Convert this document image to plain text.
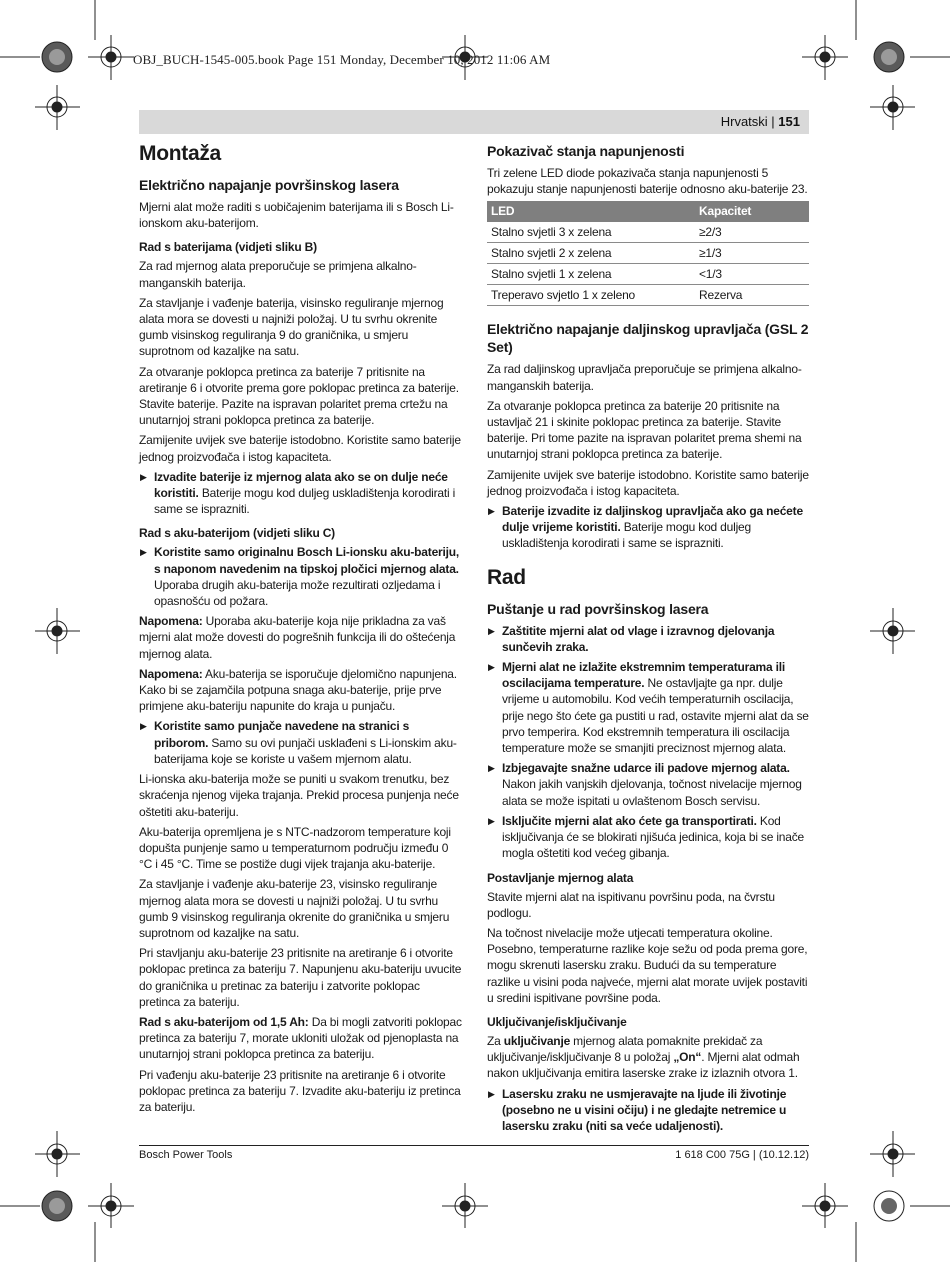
OBJ_BUCH-1545-005.book Page 151 Monday, December 10, 2012 11:06 AM
Hrvatski | 151
Montaža
Električno napajanje površinskog lasera

Mjerni alat može raditi s uobičajenim baterijama ili s Bosch Li-ionskom aku-baterijom.

Rad s baterijama (vidjeti sliku B)

Za rad mjernog alata preporučuje se primjena alkalno-manganskih baterija.

Za stavljanje i vađenje baterija, visinsko reguliranje mjernog alata mora se dovesti u najniži položaj. U tu svrhu okrenite gumb visinskog reguliranja 9 do graničnika, u smjeru suprotnom od kazaljke na satu.

Za otvaranje poklopca pretinca za baterije 7 pritisnite na aretiranje 6 i otvorite prema gore poklopac pretinca za baterije. Stavite baterije. Pazite na ispravan polaritet prema crtežu na unutarnjoj strani poklopca pretinca za baterije.

Zamijenite uvijek sve baterije istodobno. Koristite samo baterije jednog proizvođača i istog kapaciteta.

▶ Izvadite baterije iz mjernog alata ako se on dulje neće koristiti. Baterije mogu kod duljeg uskladištenja korodirati i same se isprazniti.

Rad s aku-baterijom (vidjeti sliku C)

▶ Koristite samo originalnu Bosch Li-ionsku aku-bateriju, s naponom navedenim na tipskoj pločici mjernog alata. Uporaba drugih aku-baterija može rezultirati ozljedama i opasnošću od požara.

Napomena: Uporaba aku-baterije koja nije prikladna za vaš mjerni alat može dovesti do pogrešnih funkcija ili do oštećenja mjernog alata.

Napomena: Aku-baterija se isporučuje djelomično napunjena. Kako bi se zajamčila potpuna snaga aku-baterije, prije prve primjene aku-bateriju napunite do kraja u punjaču.

▶ Koristite samo punjače navedene na stranici s priborom. Samo su ovi punjači usklađeni s Li-ionskim aku-baterijama koje se koriste u vašem mjernom alatu.

Li-ionska aku-baterija može se puniti u svakom trenutku, bez skraćenja njenog vijeka trajanja. Prekid procesa punjenja neće oštetiti aku-bateriju.

Aku-baterija opremljena je s NTC-nadzorom temperature koji dopušta punjenje samo u temperaturnom području između 0 °C i 45 °C. Time se postiže dugi vijek trajanja aku-baterije.

Za stavljanje i vađenje aku-baterije 23, visinsko reguliranje mjernog alata mora se dovesti u najniži položaj. U tu svrhu gumb 9 visinskog reguliranja okrenite do graničnika u smjeru suprotnom od kazaljke na satu.

Pri stavljanju aku-baterije 23 pritisnite na aretiranje 6 i otvorite poklopac pretinca za bateriju 7. Napunjenu aku-bateriju uvucite do graničnika u pretinac za bateriju i zatvorite poklopac pretinca za bateriju.

Rad s aku-baterijom od 1,5 Ah: Da bi mogli zatvoriti poklopac pretinca za bateriju 7, morate ukloniti uložak od pjenoplasta na unutarnjoj strani poklopca pretinca za bateriju.

Pri vađenju aku-baterije 23 pritisnite na aretiranje 6 i otvorite poklopac pretinca za bateriju 7. Izvadite aku-bateriju iz pretinca za bateriju.

Pokazivač stanja napunjenosti

Tri zelene LED diode pokazivača stanja napunjenosti 5 pokazuju stanje napunjenosti baterije odnosno aku-baterije 23.

LED	Kapacitet
Stalno svjetli 3 x zelena	≥2/3
Stalno svjetli 2 x zelena	≥1/3
Stalno svjetli 1 x zelena	<1/3
Treperavo svjetlo 1 x zeleno	Rezerva
Električno napajanje daljinskog upravljača (GSL 2 Set)

Za rad daljinskog upravljača preporučuje se primjena alkalno-manganskih baterija.

Za otvaranje poklopca pretinca za baterije 20 pritisnite na ustavljač 21 i skinite poklopac pretinca za baterije. Stavite baterije. Pri tome pazite na ispravan polaritet prema shemi na unutarnjoj strani poklopca pretinca za baterije.

Zamijenite uvijek sve baterije istodobno. Koristite samo baterije jednog proizvođača i istog kapaciteta.

▶ Baterije izvadite iz daljinskog upravljača ako ga nećete dulje vrijeme koristiti. Baterije mogu kod duljeg uskladištenja korodirati i same se isprazniti.

Rad
Puštanje u rad površinskog lasera

▶ Zaštitite mjerni alat od vlage i izravnog djelovanja sunčevih zraka.

▶ Mjerni alat ne izlažite ekstremnim temperaturama ili oscilacijama temperature. Ne ostavljajte ga npr. dulje vrijeme u automobilu. Kod većih temperaturnih oscilacija, prije nego što ćete ga pustiti u rad, ostavite mjerni alat da se prvo temperira. Kod ekstremnih temperatura ili oscilacija temperature može se smanjiti preciznost mjernog alata.

▶ Izbjegavajte snažne udarce ili padove mjernog alata. Nakon jakih vanjskih djelovanja, točnost nivelacije mjernog alata se može ispitati u ovlaštenom Bosch servisu.

▶ Isključite mjerni alat ako ćete ga transportirati. Kod isključivanja će se blokirati njišuća jedinica, koja bi se inače mogla oštetiti kod većeg gibanja.

Postavljanje mjernog alata

Stavite mjerni alat na ispitivanu površinu poda, na čvrstu podlogu.

Na točnost nivelacije može utjecati temperatura okoline. Posebno, temperaturne razlike koje sežu od poda prema gore, mogu skrenuti lasersku zraku. Budući da su temperature razlike u visini poda najveće, mjerni alat morate uvijek postaviti u sredini ispitivane površine poda.

Uključivanje/isključivanje

Za uključivanje mjernog alata pomaknite prekidač za uključivanje/isključivanje 8 u položaj „On“. Mjerni alat odmah nakon uključivanja emitira laserske zrake iz izlaznih otvora 1.

▶ Lasersku zraku ne usmjeravajte na ljude ili životinje (posebno ne u visini očiju) i ne gledajte netremice u lasersku zraku (niti sa veće udaljenosti).

Bosch Power Tools	1 618 C00 75G | (10.12.12)
